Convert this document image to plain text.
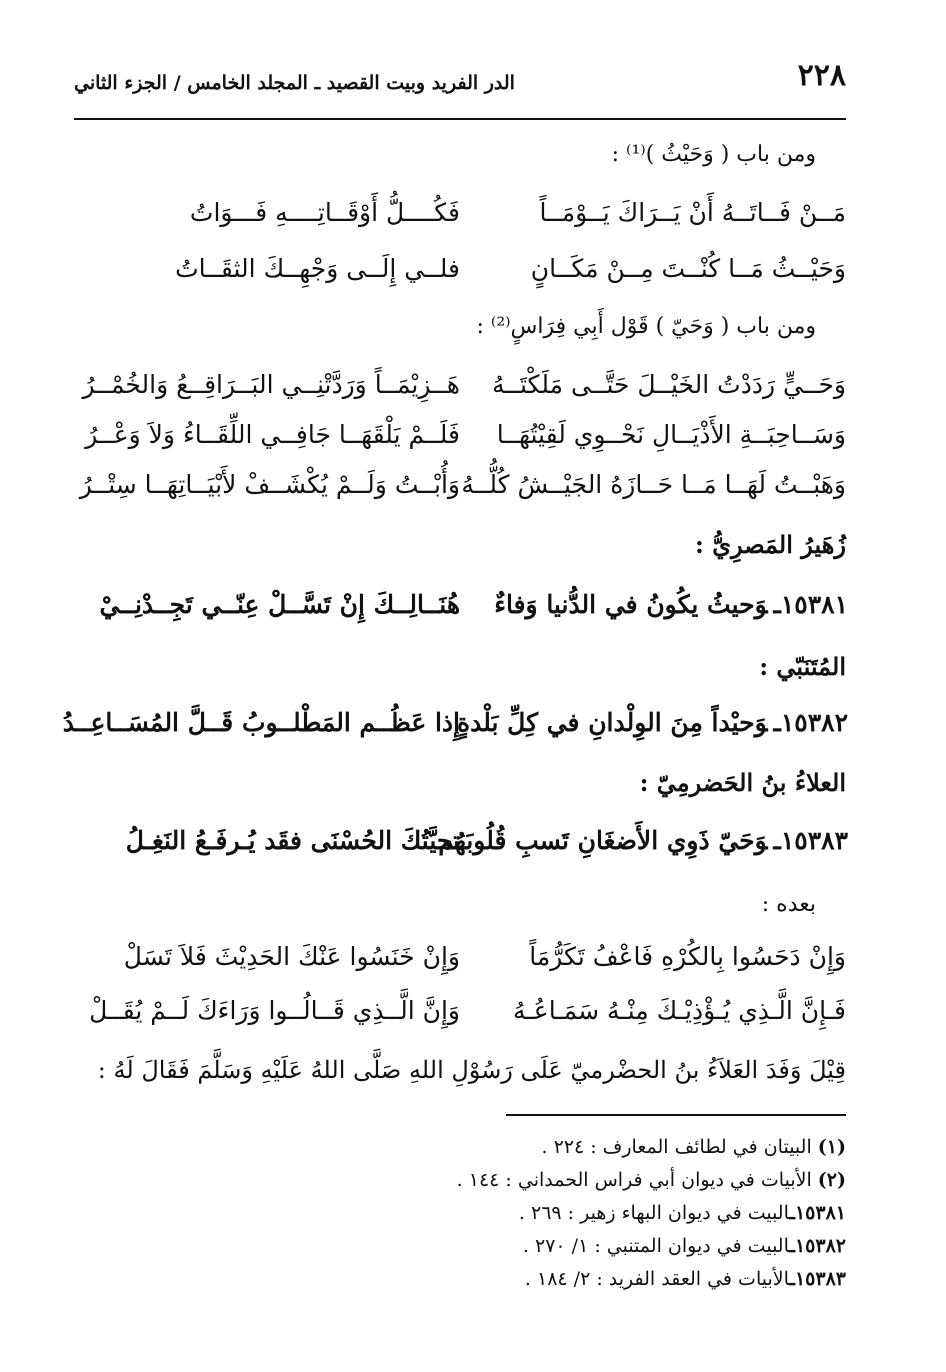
٢٢٨
الدر الفريد وبيت القصيد ـ المجلد الخامس / الجزء الثاني
ومن باب ( وَحَيْثُ )⁽¹⁾ :
مَــنْ فَــاتَــهُ أَنْ يَــرَاكَ يَــوْمَــاً
فَكُــــلُّ أَوْقَــاتِــــهِ فَـــوَاتُ
وَحَيْــثُ مَــا كُنْــتَ مِــنْ مَكَــانٍ
فلــي إِلَــى وَجْهِــكَ الثقَــاتُ
ومن باب ( وَحَيّ ) قَوْل أَبِي فِرَاسٍ⁽²⁾ :
وَحَــيٍّ رَدَدْتُ الخَيْــلَ حَتَّــى مَلَكْتَــهُ
هَــزِيْمَــاً وَرَدَّتْنِــي البَــرَاقِــعُ وَالخُمْــرُ
وَسَــاحِبَــةِ الأَذْيَــالِ نَحْــوِي لَقِيْتُهَــا
فَلَــمْ يَلْقَهَــا جَافِــي اللِّقَــاءُ وَلاَ وَعْــرُ
وَهَبْــتُ لَهَــا مَــا حَــازَهُ الجَيْــشُ كُلُّــهُ
وَأُبْــتُ وَلَــمْ يُكْشَــفْ لأَبْيَــاتِهَــا سِتْــرُ
زُهَيرُ المَصرِيُّ :
١٥٣٨١ـوَحيثُ يكُونُ في الدُّنيا وَفاءٌ
هُنَــالِــكَ إِنْ تَسَّــلْ عِنّــي تَجِــدْنِــيْ
المُتَنَبّي :
١٥٣٨٢ـوَحيْداً مِنَ الوِلْدانِ في كِلِّ بَلْدةٍ
إِذا عَظُــم المَطْلــوبُ قَــلَّ المُسَــاعِــدُ
العلاءُ بنُ الحَضرمِيّ :
١٥٣٨٣ـوَحَيّ ذَوِي الأَضغَانِ تَسبِ قُلُوبَهُم
تحيَّتُكَ الحُسْنَى فقَد يُـرفَـعُ النَغِـلُ
بعده :
وَإِنْ دَحَسُوا بِالكُرْهِ فَاعْفُ تَكَرُّمَاً
وَإِنْ خَنَسُوا عَنْكَ الحَدِيْثَ فَلاَ تَسَلْ
فَـإِنَّ الَّـذِي يُـؤْذِيْـكَ مِنْـهُ سَمَـاعُـهُ
وَإِنَّ الَّــذِي قَــالُــوا وَرَاءَكَ لَــمْ يُقَــلْ
قِيْلَ وَفَدَ العَلاَءُ بنُ الحضْرميّ عَلَى رَسُوْلِ اللهِ صَلَّى اللهُ عَلَيْهِ وَسَلَّمَ فَقَالَ لَهُ :
(١) البيتان في لطائف المعارف : ٢٢٤ .
(٢) الأبيات في ديوان أبي فراس الحمداني : ١٤٤ .
١٥٣٨١ـالبيت في ديوان البهاء زهير : ٢٦٩ .
١٥٣٨٢ـالبيت في ديوان المتنبي : ١/ ٢٧٠ .
١٥٣٨٣ـالأبيات في العقد الفريد : ٢/ ١٨٤ .
